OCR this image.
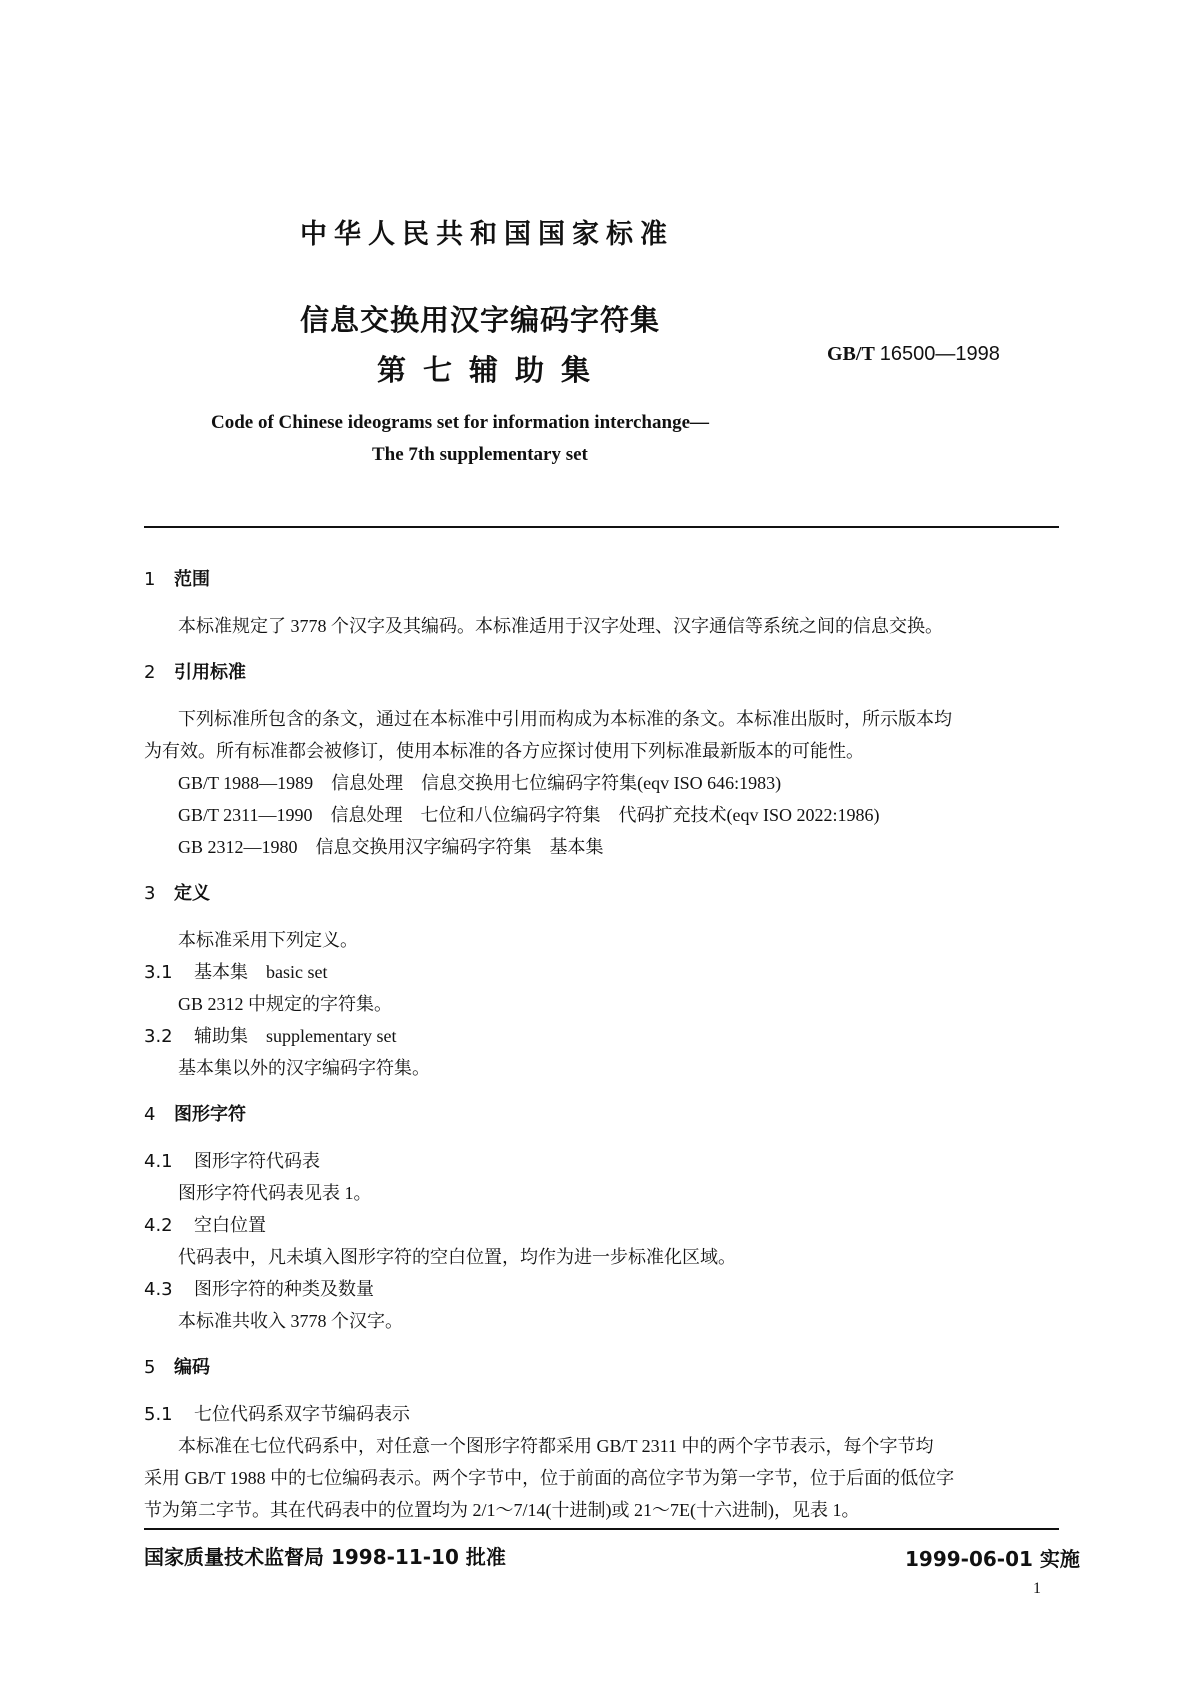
中华人民共和国国家标准
信息交换用汉字编码字符集
第七辅助集	GB/T 16500—1998
Code of Chinese ideograms set for information interchange—
The 7th supplementary set
1 范围
本标准规定了 3778 个汉字及其编码。本标准适用于汉字处理、汉字通信等系统之间的信息交换。
2 引用标准
下列标准所包含的条文，通过在本标准中引用而构成为本标准的条文。本标准出版时，所示版本均
为有效。所有标准都会被修订，使用本标准的各方应探讨使用下列标准最新版本的可能性。
GB/T 1988—1989　信息处理　信息交换用七位编码字符集(eqv ISO 646:1983)
GB/T 2311—1990　信息处理　七位和八位编码字符集　代码扩充技术(eqv ISO 2022:1986)
GB 2312—1980　信息交换用汉字编码字符集　基本集
3 定义
本标准采用下列定义。
3.1 基本集　basic set
GB 2312 中规定的字符集。
3.2 辅助集　supplementary set
基本集以外的汉字编码字符集。
4 图形字符
4.1 图形字符代码表
图形字符代码表见表 1。
4.2 空白位置
代码表中，凡未填入图形字符的空白位置，均作为进一步标准化区域。
4.3 图形字符的种类及数量
本标准共收入 3778 个汉字。
5 编码
5.1 七位代码系双字节编码表示
本标准在七位代码系中，对任意一个图形字符都采用 GB/T 2311 中的两个字节表示，每个字节均
采用 GB/T 1988 中的七位编码表示。两个字节中，位于前面的高位字节为第一字节，位于后面的低位字
节为第二字节。其在代码表中的位置均为 2/1～7/14(十进制)或 21～7E(十六进制)，见表 1。
国家质量技术监督局 1998-11-10 批准	1999-06-01 实施
1
